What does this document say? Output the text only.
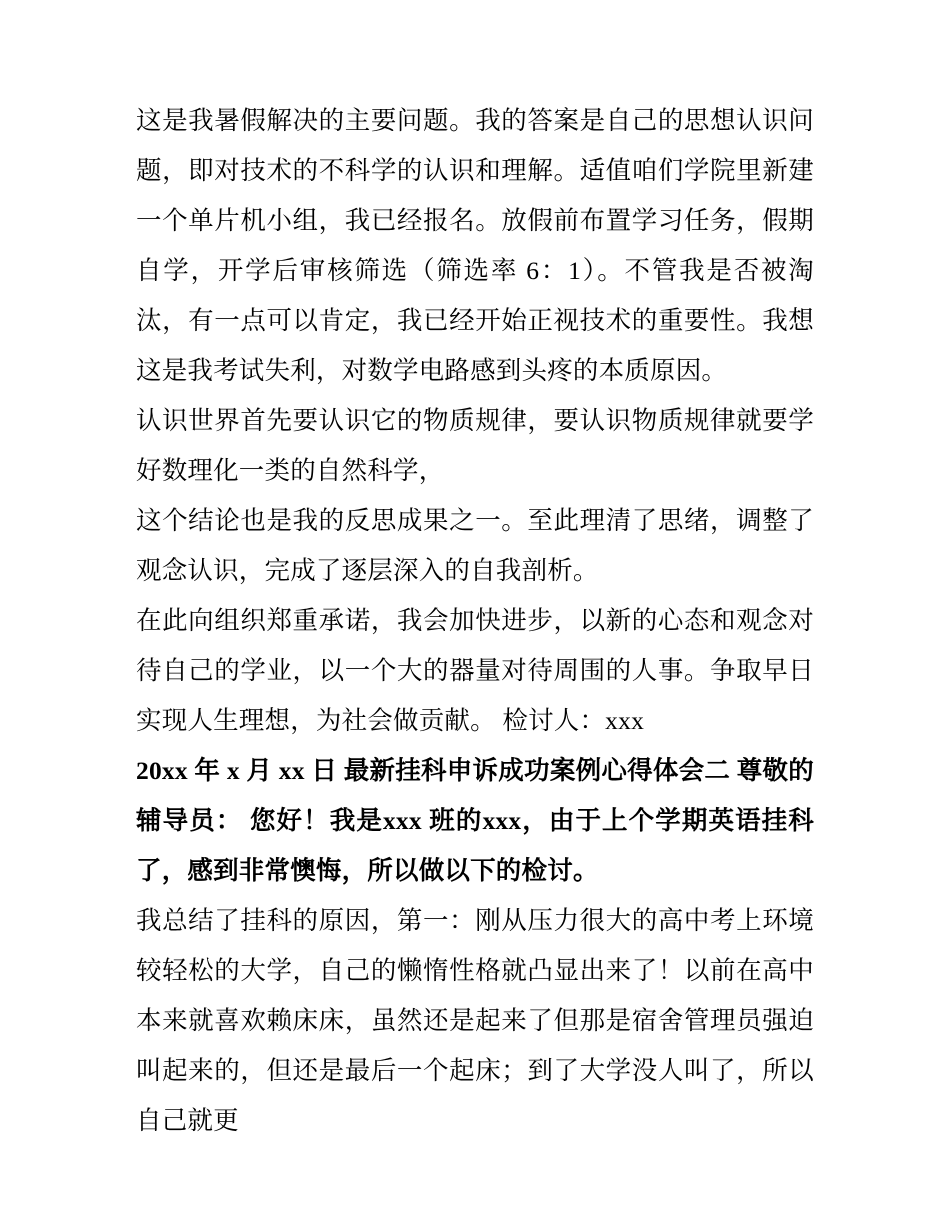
这是我暑假解决的主要问题。我的答案是自己的思想认识问题，即对技术的不科学的认识和理解。适值咱们学院里新建一个单片机小组，我已经报名。放假前布置学习任务，假期自学，开学后审核筛选（筛选率 6：1）。不管我是否被淘汰，有一点可以肯定，我已经开始正视技术的重要性。我想这是我考试失利，对数学电路感到头疼的本质原因。

认识世界首先要认识它的物质规律，要认识物质规律就要学好数理化一类的自然科学，

这个结论也是我的反思成果之一。至此理清了思绪，调整了观念认识，完成了逐层深入的自我剖析。

在此向组织郑重承诺，我会加快进步，以新的心态和观念对待自己的学业，以一个大的器量对待周围的人事。争取早日实现人生理想，为社会做贡献。 检讨人：xxx

20xx 年 x 月 xx 日 最新挂科申诉成功案例心得体会二 尊敬的辅导员： 您好！我是xxx 班的xxx，由于上个学期英语挂科了，感到非常懊悔，所以做以下的检讨。

我总结了挂科的原因，第一：刚从压力很大的高中考上环境较轻松的大学，自己的懒惰性格就凸显出来了！以前在高中本来就喜欢赖床床，虽然还是起来了但那是宿舍管理员强迫叫起来的，但还是最后一个起床；到了大学没人叫了，所以自己就更
